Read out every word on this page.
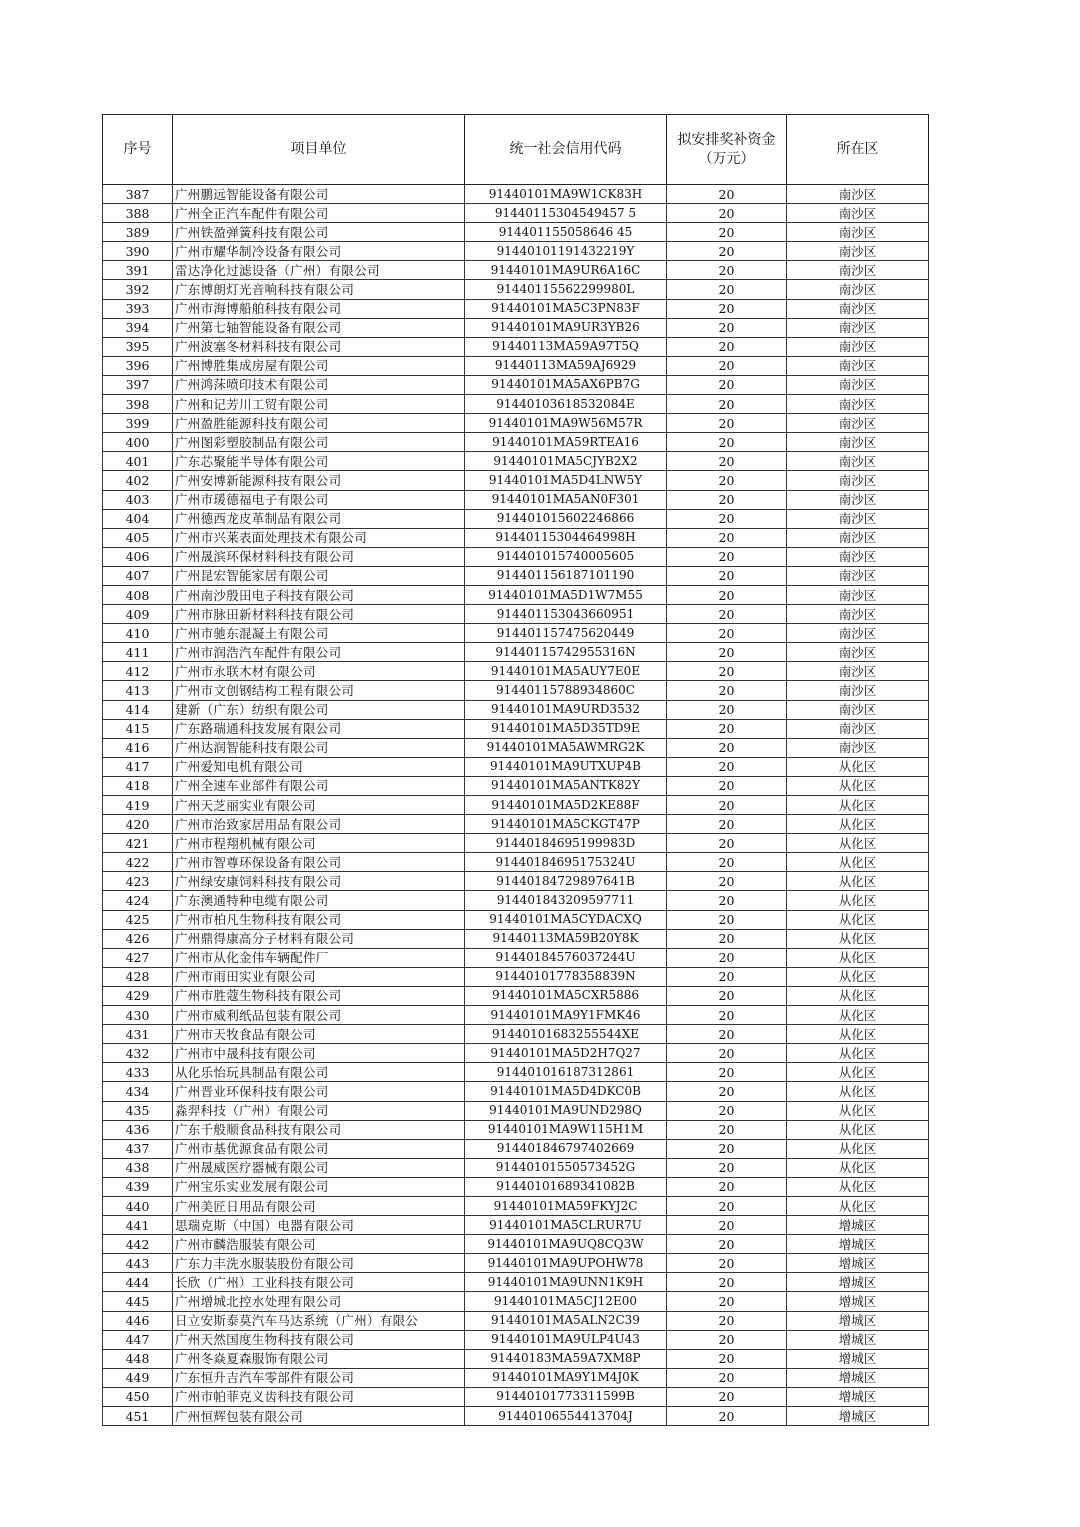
序号	项目单位	统一社会信用代码	拟安排奖补资金
（万元）	所在区
387	广州鹏远智能设备有限公司	91440101MA9W1CK83H	20	南沙区
388	广州全正汽车配件有限公司	91440115304549457 5	20	南沙区
389	广州铁盈弹簧科技有限公司	914401155058646 45	20	南沙区
390	广州市耀华制冷设备有限公司	91440101191432219Y	20	南沙区
391	雷达净化过滤设备（广州）有限公司	91440101MA9UR6A16C	20	南沙区
392	广东博朗灯光音响科技有限公司	91440115562299980L	20	南沙区
393	广州市海博船舶科技有限公司	91440101MA5C3PN83F	20	南沙区
394	广州第七轴智能设备有限公司	91440101MA9UR3YB26	20	南沙区
395	广州波塞冬材料科技有限公司	91440113MA59A97T5Q	20	南沙区
396	广州博胜集成房屋有限公司	91440113MA59AJ6929	20	南沙区
397	广州鸿莯喷印技术有限公司	91440101MA5AX6PB7G	20	南沙区
398	广州和记芳川工贸有限公司	91440103618532084E	20	南沙区
399	广州盈胜能源科技有限公司	91440101MA9W56M57R	20	南沙区
400	广州图彩塑胶制品有限公司	91440101MA59RTEA16	20	南沙区
401	广东芯聚能半导体有限公司	91440101MA5CJYB2X2	20	南沙区
402	广州安博新能源科技有限公司	91440101MA5D4LNW5Y	20	南沙区
403	广州市瑗德福电子有限公司	91440101MA5AN0F301	20	南沙区
404	广州德西龙皮革制品有限公司	914401015602246866	20	南沙区
405	广州市兴莱表面处理技术有限公司	91440115304464998H	20	南沙区
406	广州晟滨环保材料科技有限公司	914401015740005605	20	南沙区
407	广州昆宏智能家居有限公司	914401156187101190	20	南沙区
408	广州南沙殷田电子科技有限公司	91440101MA5D1W7M55	20	南沙区
409	广州市脉田新材料科技有限公司	914401153043660951	20	南沙区
410	广州市驰东混凝土有限公司	914401157475620449	20	南沙区
411	广州市润浩汽车配件有限公司	91440115742955316N	20	南沙区
412	广州市永联木材有限公司	91440101MA5AUY7E0E	20	南沙区
413	广州市文创钢结构工程有限公司	91440115788934860C	20	南沙区
414	建新（广东）纺织有限公司	91440101MA9URD3532	20	南沙区
415	广东路瑞通科技发展有限公司	91440101MA5D35TD9E	20	南沙区
416	广州达润智能科技有限公司	91440101MA5AWMRG2K	20	南沙区
417	广州爱知电机有限公司	91440101MA9UTXUP4B	20	从化区
418	广州全速车业部件有限公司	91440101MA5ANTK82Y	20	从化区
419	广州天芝丽实业有限公司	91440101MA5D2KE88F	20	从化区
420	广州市治致家居用品有限公司	91440101MA5CKGT47P	20	从化区
421	广州市程翔机械有限公司	91440184695199983D	20	从化区
422	广州市智尊环保设备有限公司	91440184695175324U	20	从化区
423	广州绿安康饲料科技有限公司	91440184729897641B	20	从化区
424	广东澳通特种电缆有限公司	914401843209597711	20	从化区
425	广州市柏凡生物科技有限公司	91440101MA5CYDACXQ	20	从化区
426	广州鼎得康高分子材料有限公司	91440113MA59B20Y8K	20	从化区
427	广州市从化金伟车辆配件厂	91440184576037244U	20	从化区
428	广州市雨田实业有限公司	91440101778358839N	20	从化区
429	广州市胜蔻生物科技有限公司	91440101MA5CXR5886	20	从化区
430	广州市威利纸品包装有限公司	91440101MA9Y1FMK46	20	从化区
431	广州市天牧食品有限公司	91440101683255544XE	20	从化区
432	广州市中晟科技有限公司	91440101MA5D2H7Q27	20	从化区
433	从化乐怡玩具制品有限公司	914401016187312861	20	从化区
434	广州晋业环保科技有限公司	91440101MA5D4DKC0B	20	从化区
435	淼羿科技（广州）有限公司	91440101MA9UND298Q	20	从化区
436	广东千般顺食品科技有限公司	91440101MA9W115H1M	20	从化区
437	广州市基优源食品有限公司	914401846797402669	20	从化区
438	广州晟威医疗器械有限公司	91440101550573452G	20	从化区
439	广州宝乐实业发展有限公司	91440101689341082B	20	从化区
440	广州美匠日用品有限公司	91440101MA59FKYJ2C	20	从化区
441	思瑞克斯（中国）电器有限公司	91440101MA5CLRUR7U	20	增城区
442	广州市麟浩服装有限公司	91440101MA9UQ8CQ3W	20	增城区
443	广东力丰洗水服装股份有限公司	91440101MA9UPOHW78	20	增城区
444	长欣（广州）工业科技有限公司	91440101MA9UNN1K9H	20	增城区
445	广州增城北控水处理有限公司	91440101MA5CJ12E00	20	增城区
446	日立安斯泰莫汽车马达系统（广州）有限公	91440101MA5ALN2C39	20	增城区
447	广州天然国度生物科技有限公司	91440101MA9ULP4U43	20	增城区
448	广州冬焱夏森服饰有限公司	91440183MA59A7XM8P	20	增城区
449	广东恒升吉汽车零部件有限公司	91440101MA9Y1M4J0K	20	增城区
450	广州市帕菲克义齿科技有限公司	91440101773311599B	20	增城区
451	广州恒辉包装有限公司	91440106554413704J	20	增城区
